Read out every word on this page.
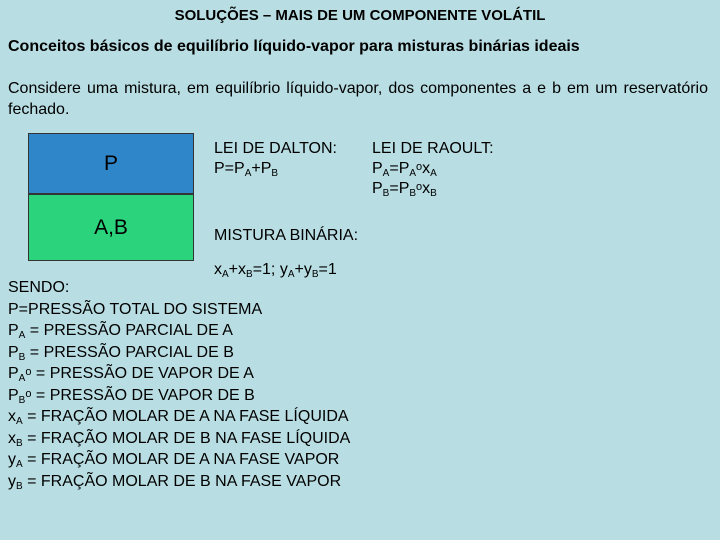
SOLUÇÕES – MAIS DE UM COMPONENTE VOLÁTIL
Conceitos básicos de equilíbrio líquido-vapor para misturas binárias ideais
Considere uma mistura, em equilíbrio líquido-vapor, dos componentes a e b em um reservatório fechado.
P
A,B
LEI DE DALTON:
$P=P_A+P_B$
LEI DE RAOULT:
$P_A=P_A^ox_A$
$P_B=P_B^ox_B$
MISTURA BINÁRIA:
$x_A+x_B=1$; $y_A+y_B=1$
SENDO:
P=PRESSÃO TOTAL DO SISTEMA
$P_A$ = PRESSÃO PARCIAL DE A
$P_B$ = PRESSÃO PARCIAL DE B
$P_A^o$ = PRESSÃO DE VAPOR DE A
$P_B^o$ = PRESSÃO DE VAPOR DE B
$x_A$ = FRAÇÃO MOLAR DE A NA FASE LÍQUIDA
$x_B$ = FRAÇÃO MOLAR DE B NA FASE LÍQUIDA
$y_A$ = FRAÇÃO MOLAR DE A NA FASE VAPOR
$y_B$ = FRAÇÃO MOLAR DE B NA FASE VAPOR
